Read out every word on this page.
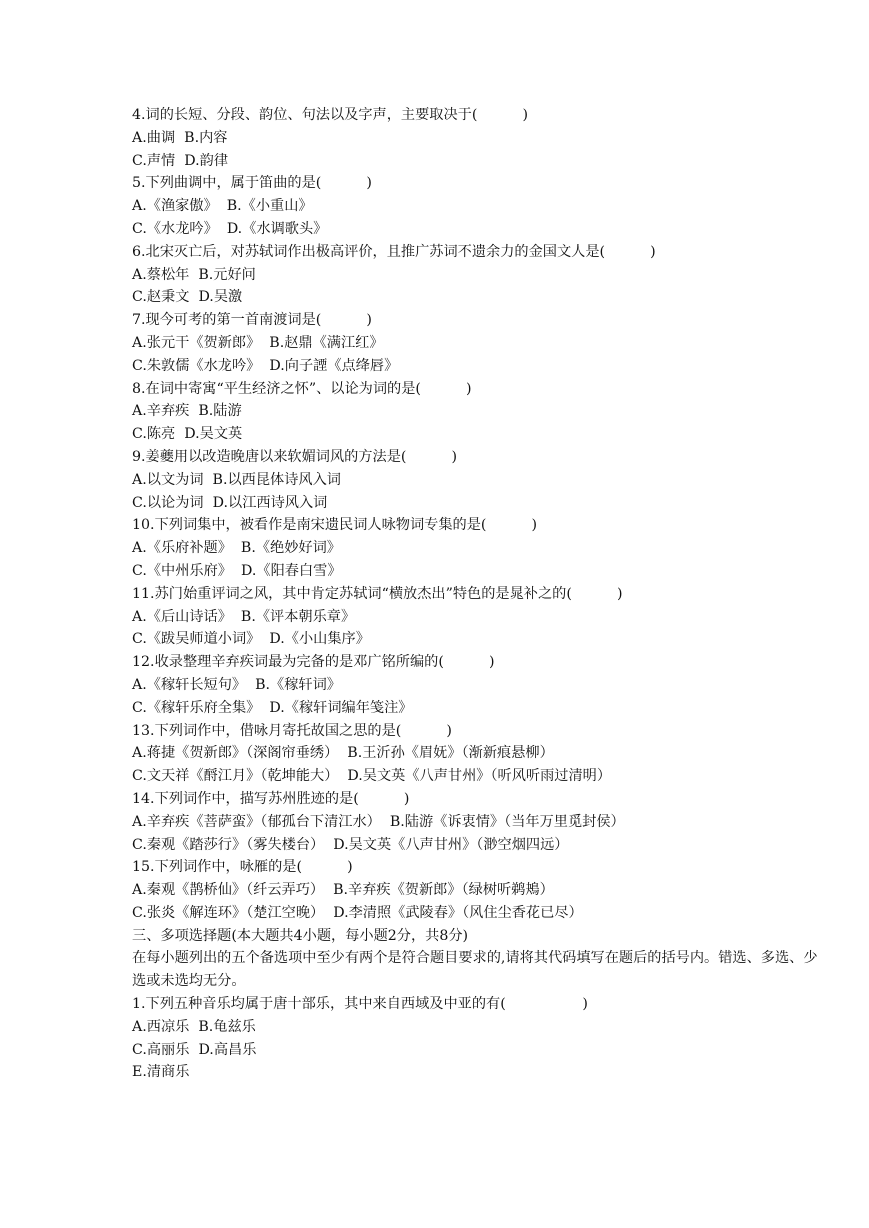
4.词的长短、分段、韵位、句法以及字声，主要取决于(          )
A.曲调  B.内容
C.声情  D.韵律
5.下列曲调中，属于笛曲的是(          )
A.《渔家傲》  B.《小重山》
C.《水龙吟》  D.《水调歌头》
6.北宋灭亡后，对苏轼词作出极高评价，且推广苏词不遗余力的金国文人是(          )
A.蔡松年  B.元好问
C.赵秉文  D.吴激
7.现今可考的第一首南渡词是(          )
A.张元干《贺新郎》  B.赵鼎《满江红》
C.朱敦儒《水龙吟》  D.向子諲《点绛唇》
8.在词中寄寓“平生经济之怀”、以论为词的是(          )
A.辛弃疾  B.陆游
C.陈亮  D.吴文英
9.姜夔用以改造晚唐以来软媚词风的方法是(          )
A.以文为词  B.以西昆体诗风入词
C.以论为词  D.以江西诗风入词
10.下列词集中，被看作是南宋遗民词人咏物词专集的是(          )
A.《乐府补题》  B.《绝妙好词》
C.《中州乐府》  D.《阳春白雪》
11.苏门始重评词之风，其中肯定苏轼词“横放杰出”特色的是晁补之的(          )
A.《后山诗话》  B.《评本朝乐章》
C.《跋吴师道小词》  D.《小山集序》
12.收录整理辛弃疾词最为完备的是邓广铭所编的(          )
A.《稼轩长短句》  B.《稼轩词》
C.《稼轩乐府全集》  D.《稼轩词编年笺注》
13.下列词作中，借咏月寄托故国之思的是(          )
A.蒋捷《贺新郎》（深阁帘垂绣）  B.王沂孙《眉妩》（渐新痕悬柳）
C.文天祥《酹江月》（乾坤能大）  D.吴文英《八声甘州》（听风听雨过清明）
14.下列词作中，描写苏州胜迹的是(          )
A.辛弃疾《菩萨蛮》（郁孤台下清江水）  B.陆游《诉衷情》（当年万里觅封侯）
C.秦观《踏莎行》（雾失楼台）  D.吴文英《八声甘州》（渺空烟四远）
15.下列词作中，咏雁的是(          )
A.秦观《鹊桥仙》（纤云弄巧）  B.辛弃疾《贺新郎》（绿树听鹈鴂）
C.张炎《解连环》（楚江空晚）  D.李清照《武陵春》（风住尘香花已尽）
三、多项选择题(本大题共4小题，每小题2分，共8分)
在每小题列出的五个备选项中至少有两个是符合题目要求的,请将其代码填写在题后的括号内。错选、多选、少
选或未选均无分。
1.下列五种音乐均属于唐十部乐，其中来自西域及中亚的有(                 )
A.西凉乐  B.龟兹乐
C.高丽乐  D.高昌乐
E.清商乐
